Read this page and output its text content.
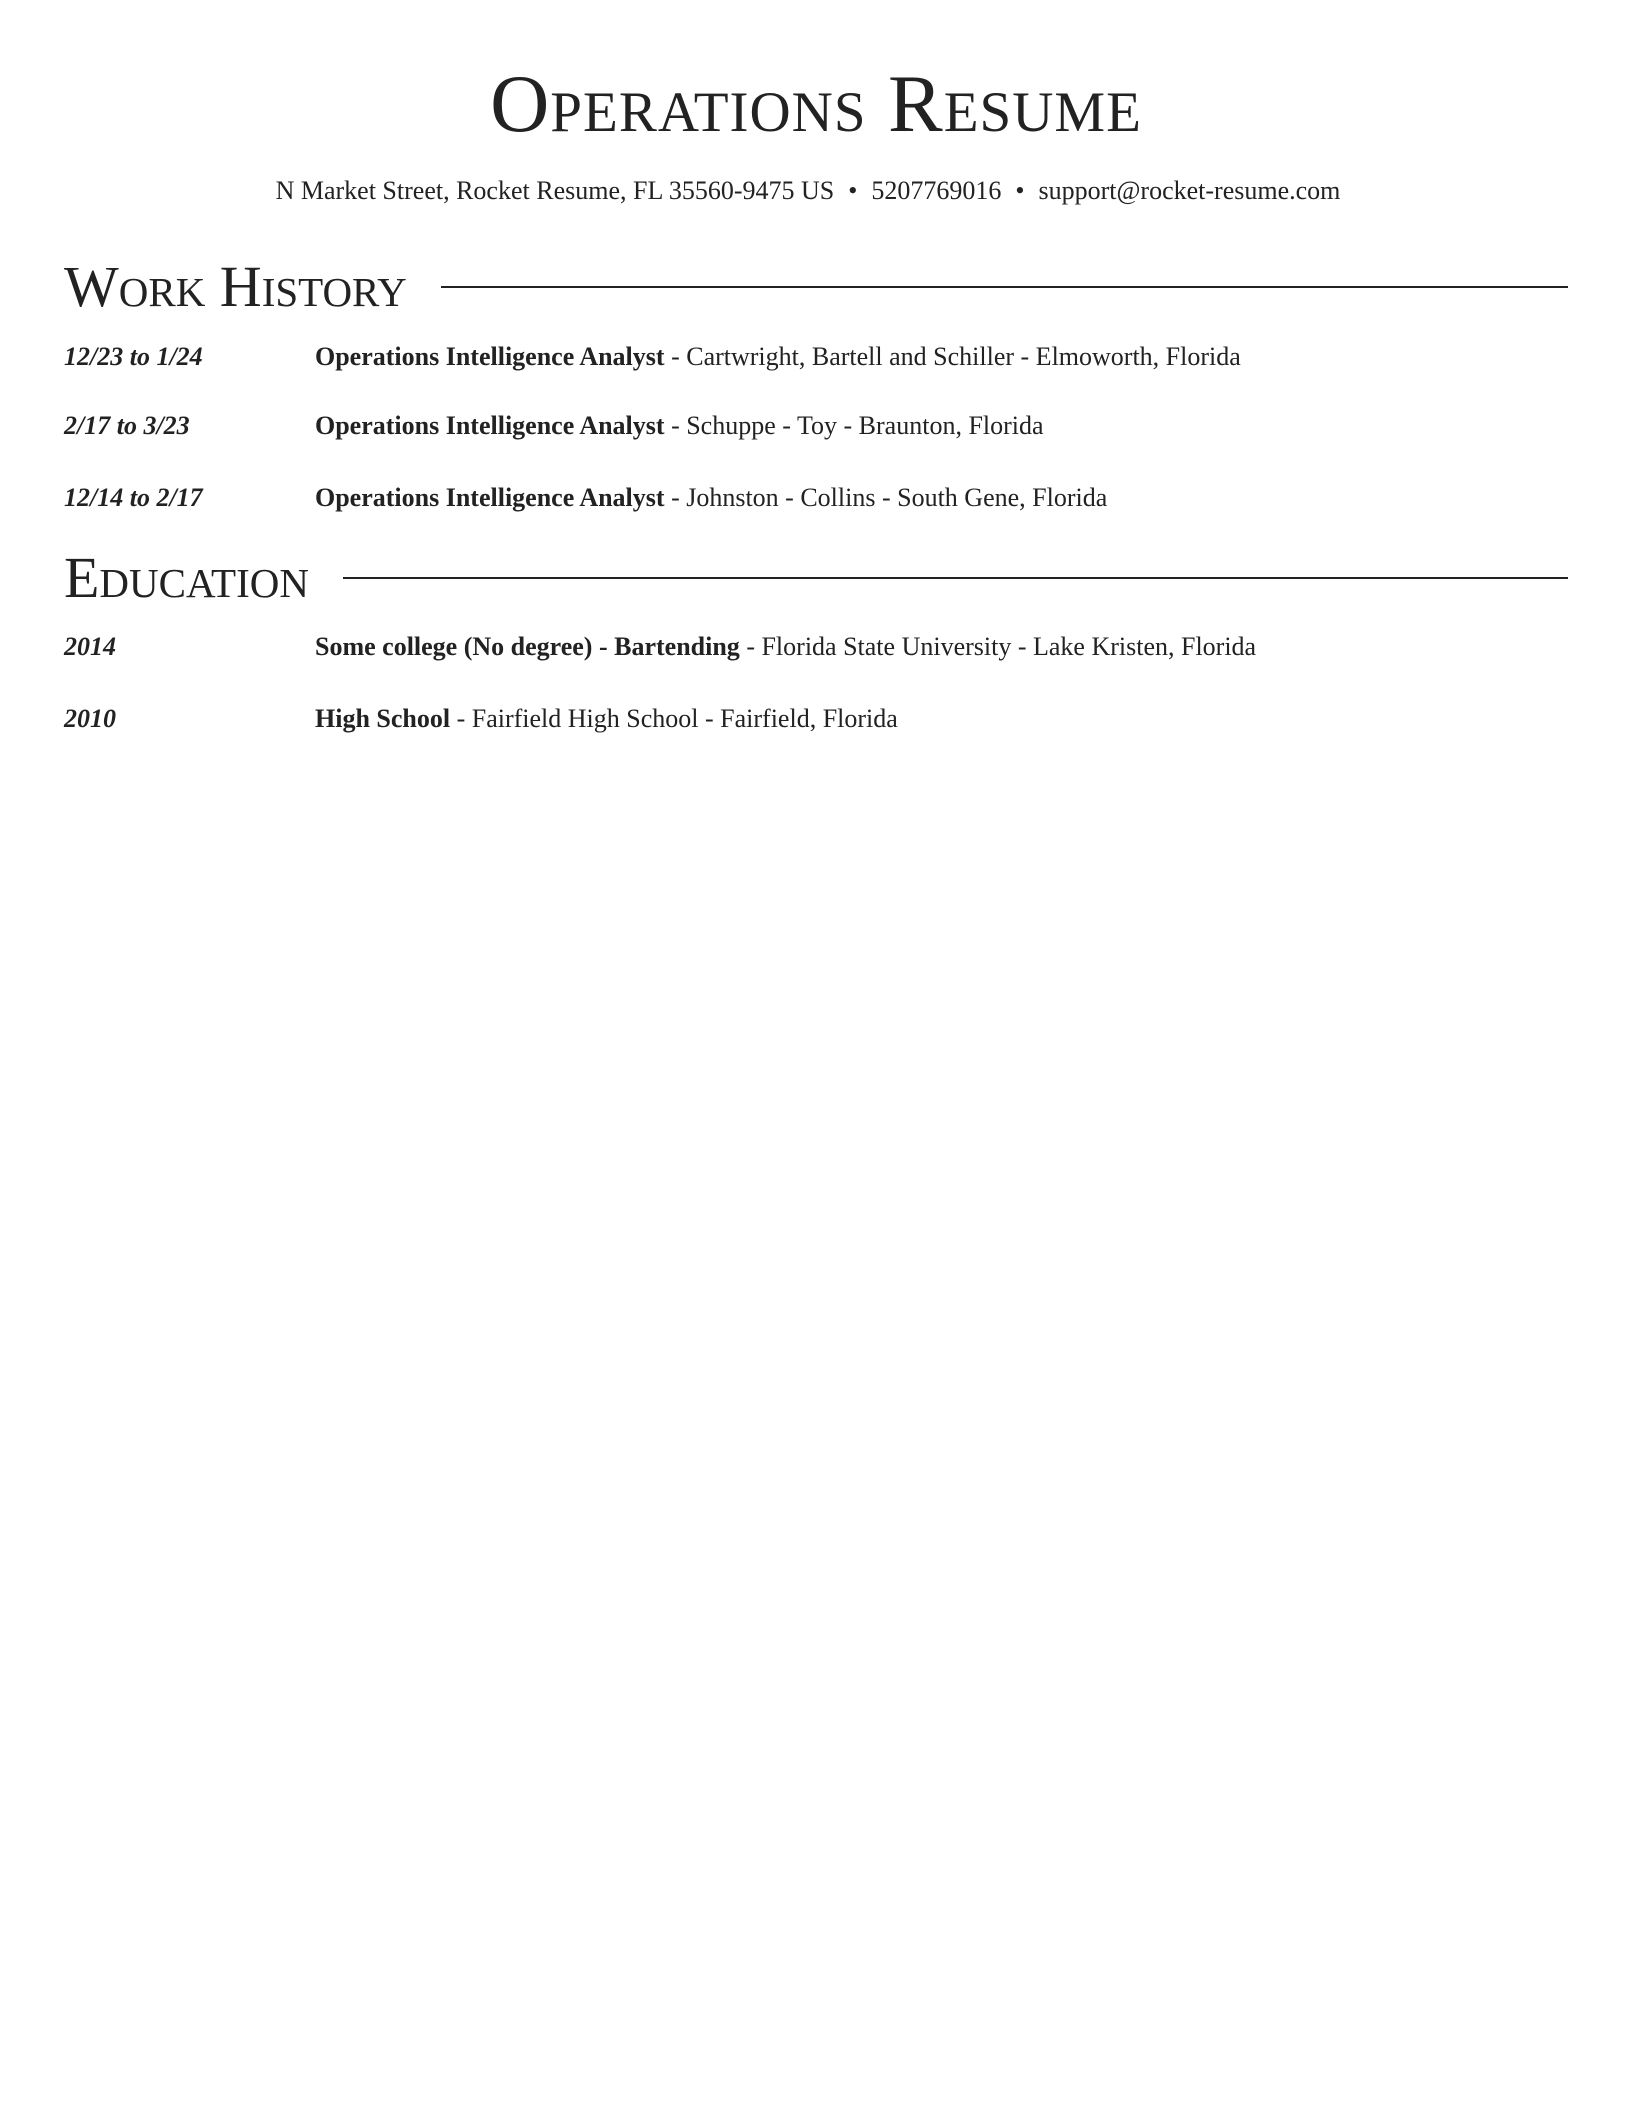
Operations Resume
N Market Street, Rocket Resume, FL 35560-9475 US • 5207769016 • support@rocket-resume.com
Work History
12/23 to 1/24	Operations Intelligence Analyst - Cartwright, Bartell and Schiller - Elmoworth, Florida
2/17 to 3/23	Operations Intelligence Analyst - Schuppe - Toy - Braunton, Florida
12/14 to 2/17	Operations Intelligence Analyst - Johnston - Collins - South Gene, Florida
Education
2014	Some college (No degree) - Bartending - Florida State University - Lake Kristen, Florida
2010	High School - Fairfield High School - Fairfield, Florida
